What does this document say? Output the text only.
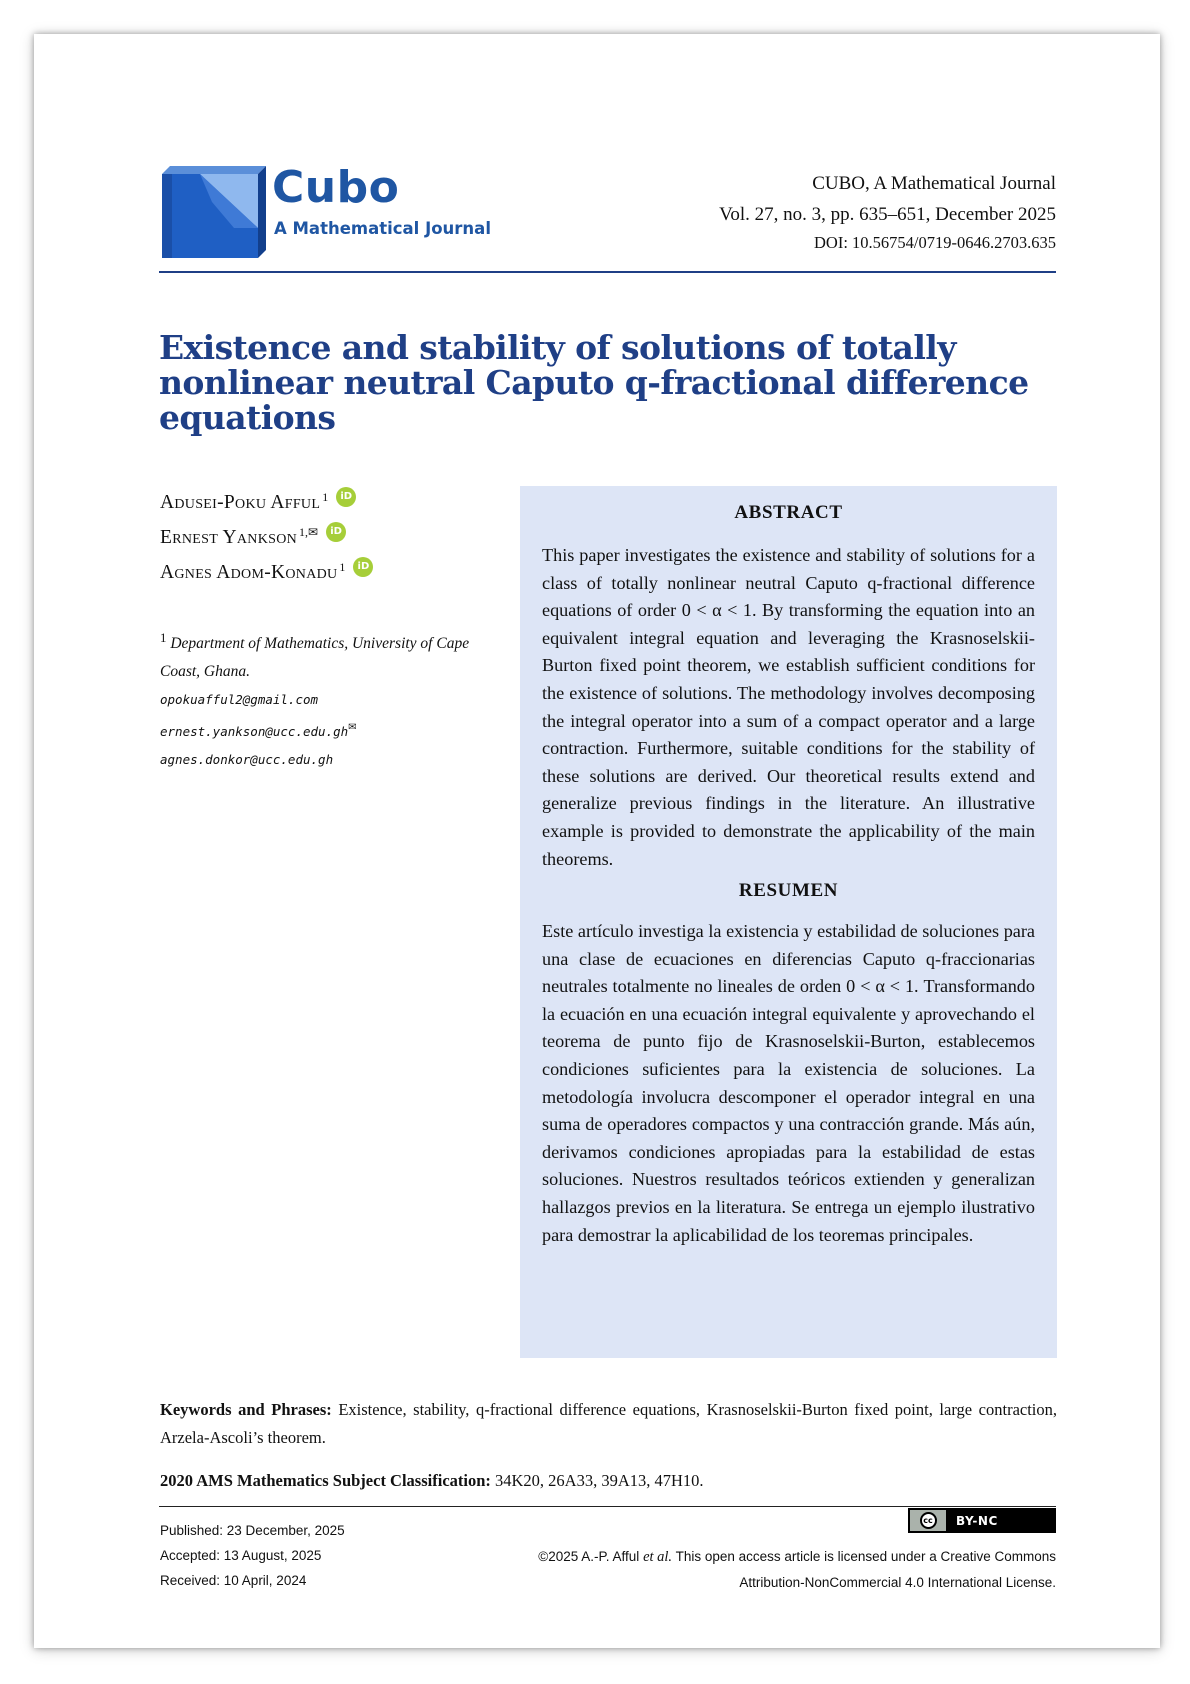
Cubo
A Mathematical Journal
CUBO, A Mathematical Journal
Vol. 27, no. 3, pp. 635–651, December 2025
DOI: 10.56754/0719-0646.2703.635
Existence and stability of solutions of totally nonlinear neutral Caputo q-fractional difference equations
Adusei-Poku Afful$^1$	iD
Ernest Yankson$^{1,✉}$	iD
Agnes Adom-Konadu$^1$	iD
$^1$ Department of Mathematics, University of Cape Coast, Ghana.
opokuafful2@gmail.com
ernest.yankson@ucc.edu.gh✉
agnes.donkor@ucc.edu.gh
ABSTRACT

This paper investigates the existence and stability of solutions for a class of totally nonlinear neutral Caputo q-fractional difference equations of order 0 < α < 1. By transforming the equation into an equivalent integral equation and leveraging the Krasnoselskii-Burton fixed point theorem, we establish sufficient conditions for the existence of solutions. The methodology involves decomposing the integral operator into a sum of a compact operator and a large contraction. Furthermore, suitable conditions for the stability of these solutions are derived. Our theoretical results extend and generalize previous findings in the literature. An illustrative example is provided to demonstrate the applicability of the main theorems.

RESUMEN

Este artículo investiga la existencia y estabilidad de soluciones para una clase de ecuaciones en diferencias Caputo q-fraccionarias neutrales totalmente no lineales de orden 0 < α < 1. Transformando la ecuación en una ecuación integral equivalente y aprovechando el teorema de punto fijo de Krasnoselskii-Burton, establecemos condiciones suficientes para la existencia de soluciones. La metodología involucra descomponer el operador integral en una suma de operadores compactos y una contracción grande. Más aún, derivamos condiciones apropiadas para la estabilidad de estas soluciones. Nuestros resultados teóricos extienden y generalizan hallazgos previos en la literatura. Se entrega un ejemplo ilustrativo para demostrar la aplicabilidad de los teoremas principales.

Keywords and Phrases: Existence, stability, q-fractional difference equations, Krasnoselskii-Burton fixed point, large contraction, Arzela-Ascoli’s theorem.

2020 AMS Mathematics Subject Classification: 34K20, 26A33, 39A13, 47H10.

Published: 23 December, 2025
Accepted: 13 August, 2025
Received: 10 April, 2024
cc	BY-NC
©2025 A.-P. Afful et al. This open access article is licensed under a Creative Commons
Attribution-NonCommercial 4.0 International License.
